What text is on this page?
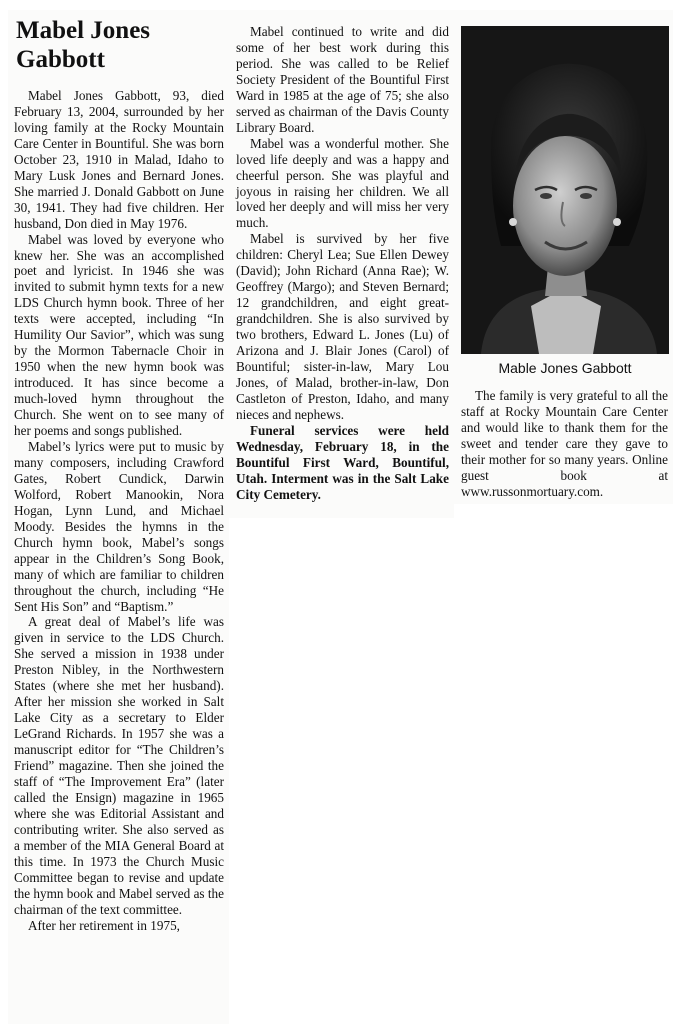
Mabel Jones Gabbott

Mabel Jones Gabbott, 93, died February 13, 2004, surrounded by her loving family at the Rocky Mountain Care Center in Bountiful. She was born October 23, 1910 in Malad, Idaho to Mary Lusk Jones and Bernard Jones. She married J. Donald Gabbott on June 30, 1941. They had five children. Her husband, Don died in May 1976.

Mabel was loved by everyone who knew her. She was an accomplished poet and lyricist. In 1946 she was invited to submit hymn texts for a new LDS Church hymn book. Three of her texts were accepted, including “In Humility Our Savior”, which was sung by the Mormon Tabernacle Choir in 1950 when the new hymn book was introduced. It has since become a much-loved hymn throughout the Church. She went on to see many of her poems and songs published.

Mabel’s lyrics were put to music by many composers, including Crawford Gates, Robert Cundick, Darwin Wolford, Robert Manookin, Nora Hogan, Lynn Lund, and Michael Moody. Besides the hymns in the Church hymn book, Mabel’s songs appear in the Children’s Song Book, many of which are familiar to children throughout the church, including “He Sent His Son” and “Baptism.”

A great deal of Mabel’s life was given in service to the LDS Church. She served a mission in 1938 under Preston Nibley, in the Northwestern States (where she met her husband). After her mission she worked in Salt Lake City as a secretary to Elder LeGrand Richards. In 1957 she was a manuscript editor for “The Children’s Friend” magazine. Then she joined the staff of “The Improvement Era” (later called the Ensign) magazine in 1965 where she was Editorial Assistant and contributing writer. She also served as a member of the MIA General Board at this time. In 1973 the Church Music Committee began to revise and update the hymn book and Mabel served as the chairman of the text committee.

After her retirement in 1975,

Mabel continued to write and did some of her best work during this period. She was called to be Relief Society President of the Bountiful First Ward in 1985 at the age of 75; she also served as chairman of the Davis County Library Board.

Mabel was a wonderful mother. She loved life deeply and was a happy and cheerful person. She was playful and joyous in raising her children. We all loved her deeply and will miss her very much.

Mabel is survived by her five children: Cheryl Lea; Sue Ellen Dewey (David); John Richard (Anna Rae); W. Geoffrey (Margo); and Steven Bernard; 12 grandchildren, and eight great-grandchildren. She is also survived by two brothers, Edward L. Jones (Lu) of Arizona and J. Blair Jones (Carol) of Bountiful; sister-in-law, Mary Lou Jones, of Malad, brother-in-law, Don Castleton of Preston, Idaho, and many nieces and nephews.

Funeral services were held Wednesday, February 18, in the Bountiful First Ward, Bountiful, Utah. Interment was in the Salt Lake City Cemetery.

Mable Jones Gabbott

The family is very grateful to all the staff at Rocky Mountain Care Center and would like to thank them for the sweet and tender care they gave to their mother for so many years. Online guest book at www.russonmortuary.com.
